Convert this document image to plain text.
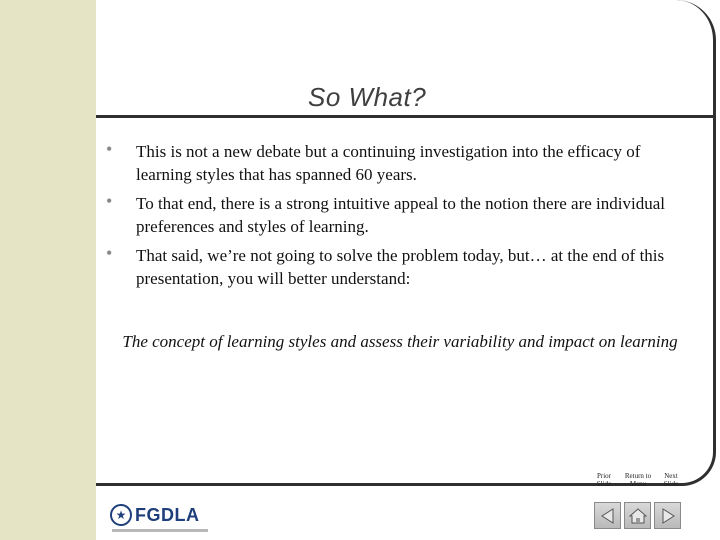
So What?
• This is not a new debate but a continuing investigation into the efficacy of learning styles that has spanned 60 years.
• To that end, there is a strong intuitive appeal to the notion there are individual preferences and styles of learning.
• That said, we’re not going to solve the problem today, but… at the end of this presentation, you will better understand:
The concept of learning styles and assess their variability and impact on learning
Prior Slide
Return to Menu
Next Slide
★ FGDLA
